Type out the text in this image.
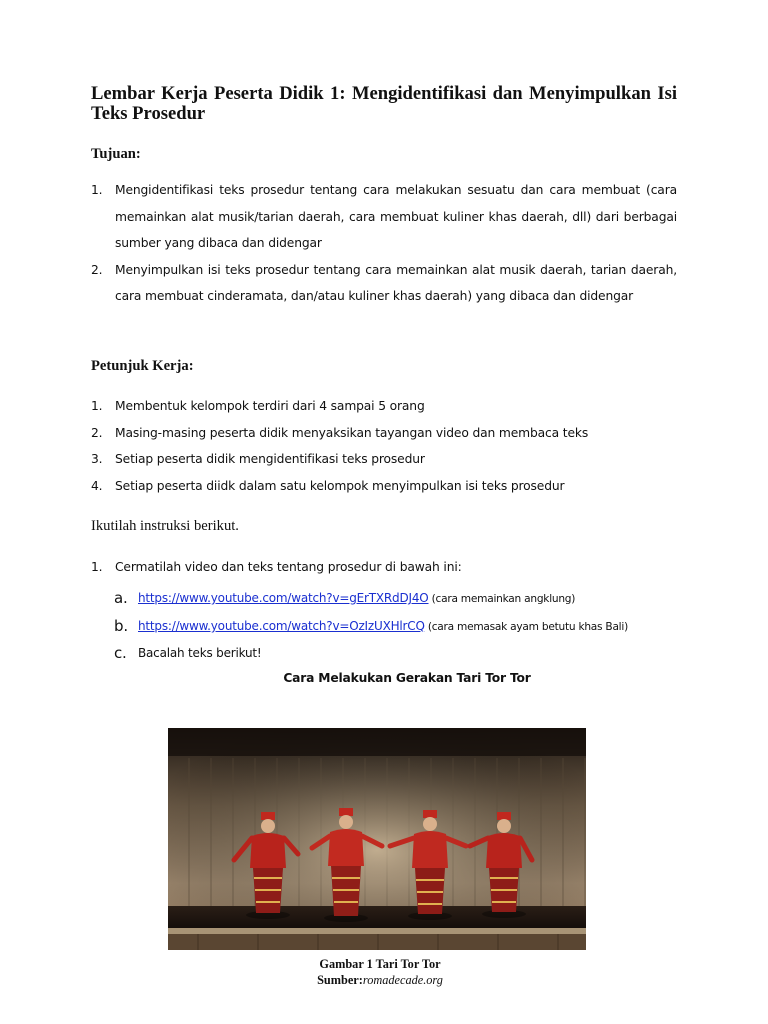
Lembar Kerja Peserta Didik 1: Mengidentifikasi dan Menyimpulkan Isi Teks Prosedur
Tujuan:
1. Mengidentifikasi teks prosedur tentang cara melakukan sesuatu dan cara membuat (cara memainkan alat musik/tarian daerah, cara membuat kuliner khas daerah, dll) dari berbagai sumber yang dibaca dan didengar
2. Menyimpulkan isi teks prosedur tentang cara memainkan alat musik daerah, tarian daerah, cara membuat cinderamata, dan/atau kuliner khas daerah) yang dibaca dan didengar
Petunjuk Kerja:
1. Membentuk kelompok terdiri dari 4 sampai 5 orang
2. Masing-masing peserta didik menyaksikan tayangan video dan membaca teks
3. Setiap peserta didik mengidentifikasi teks prosedur
4. Setiap peserta diidk dalam satu kelompok menyimpulkan isi teks prosedur
Ikutilah instruksi berikut.
1. Cermatilah video dan teks tentang prosedur di bawah ini:
a. https://www.youtube.com/watch?v=gErTXRdDJ4O (cara memainkan angklung)
b. https://www.youtube.com/watch?v=OzIzUXHlrCQ (cara memasak ayam betutu khas Bali)
c. Bacalah teks berikut!
Cara Melakukan Gerakan Tari Tor Tor
Gambar 1 Tari Tor Tor
Sumber:romadecade.org
